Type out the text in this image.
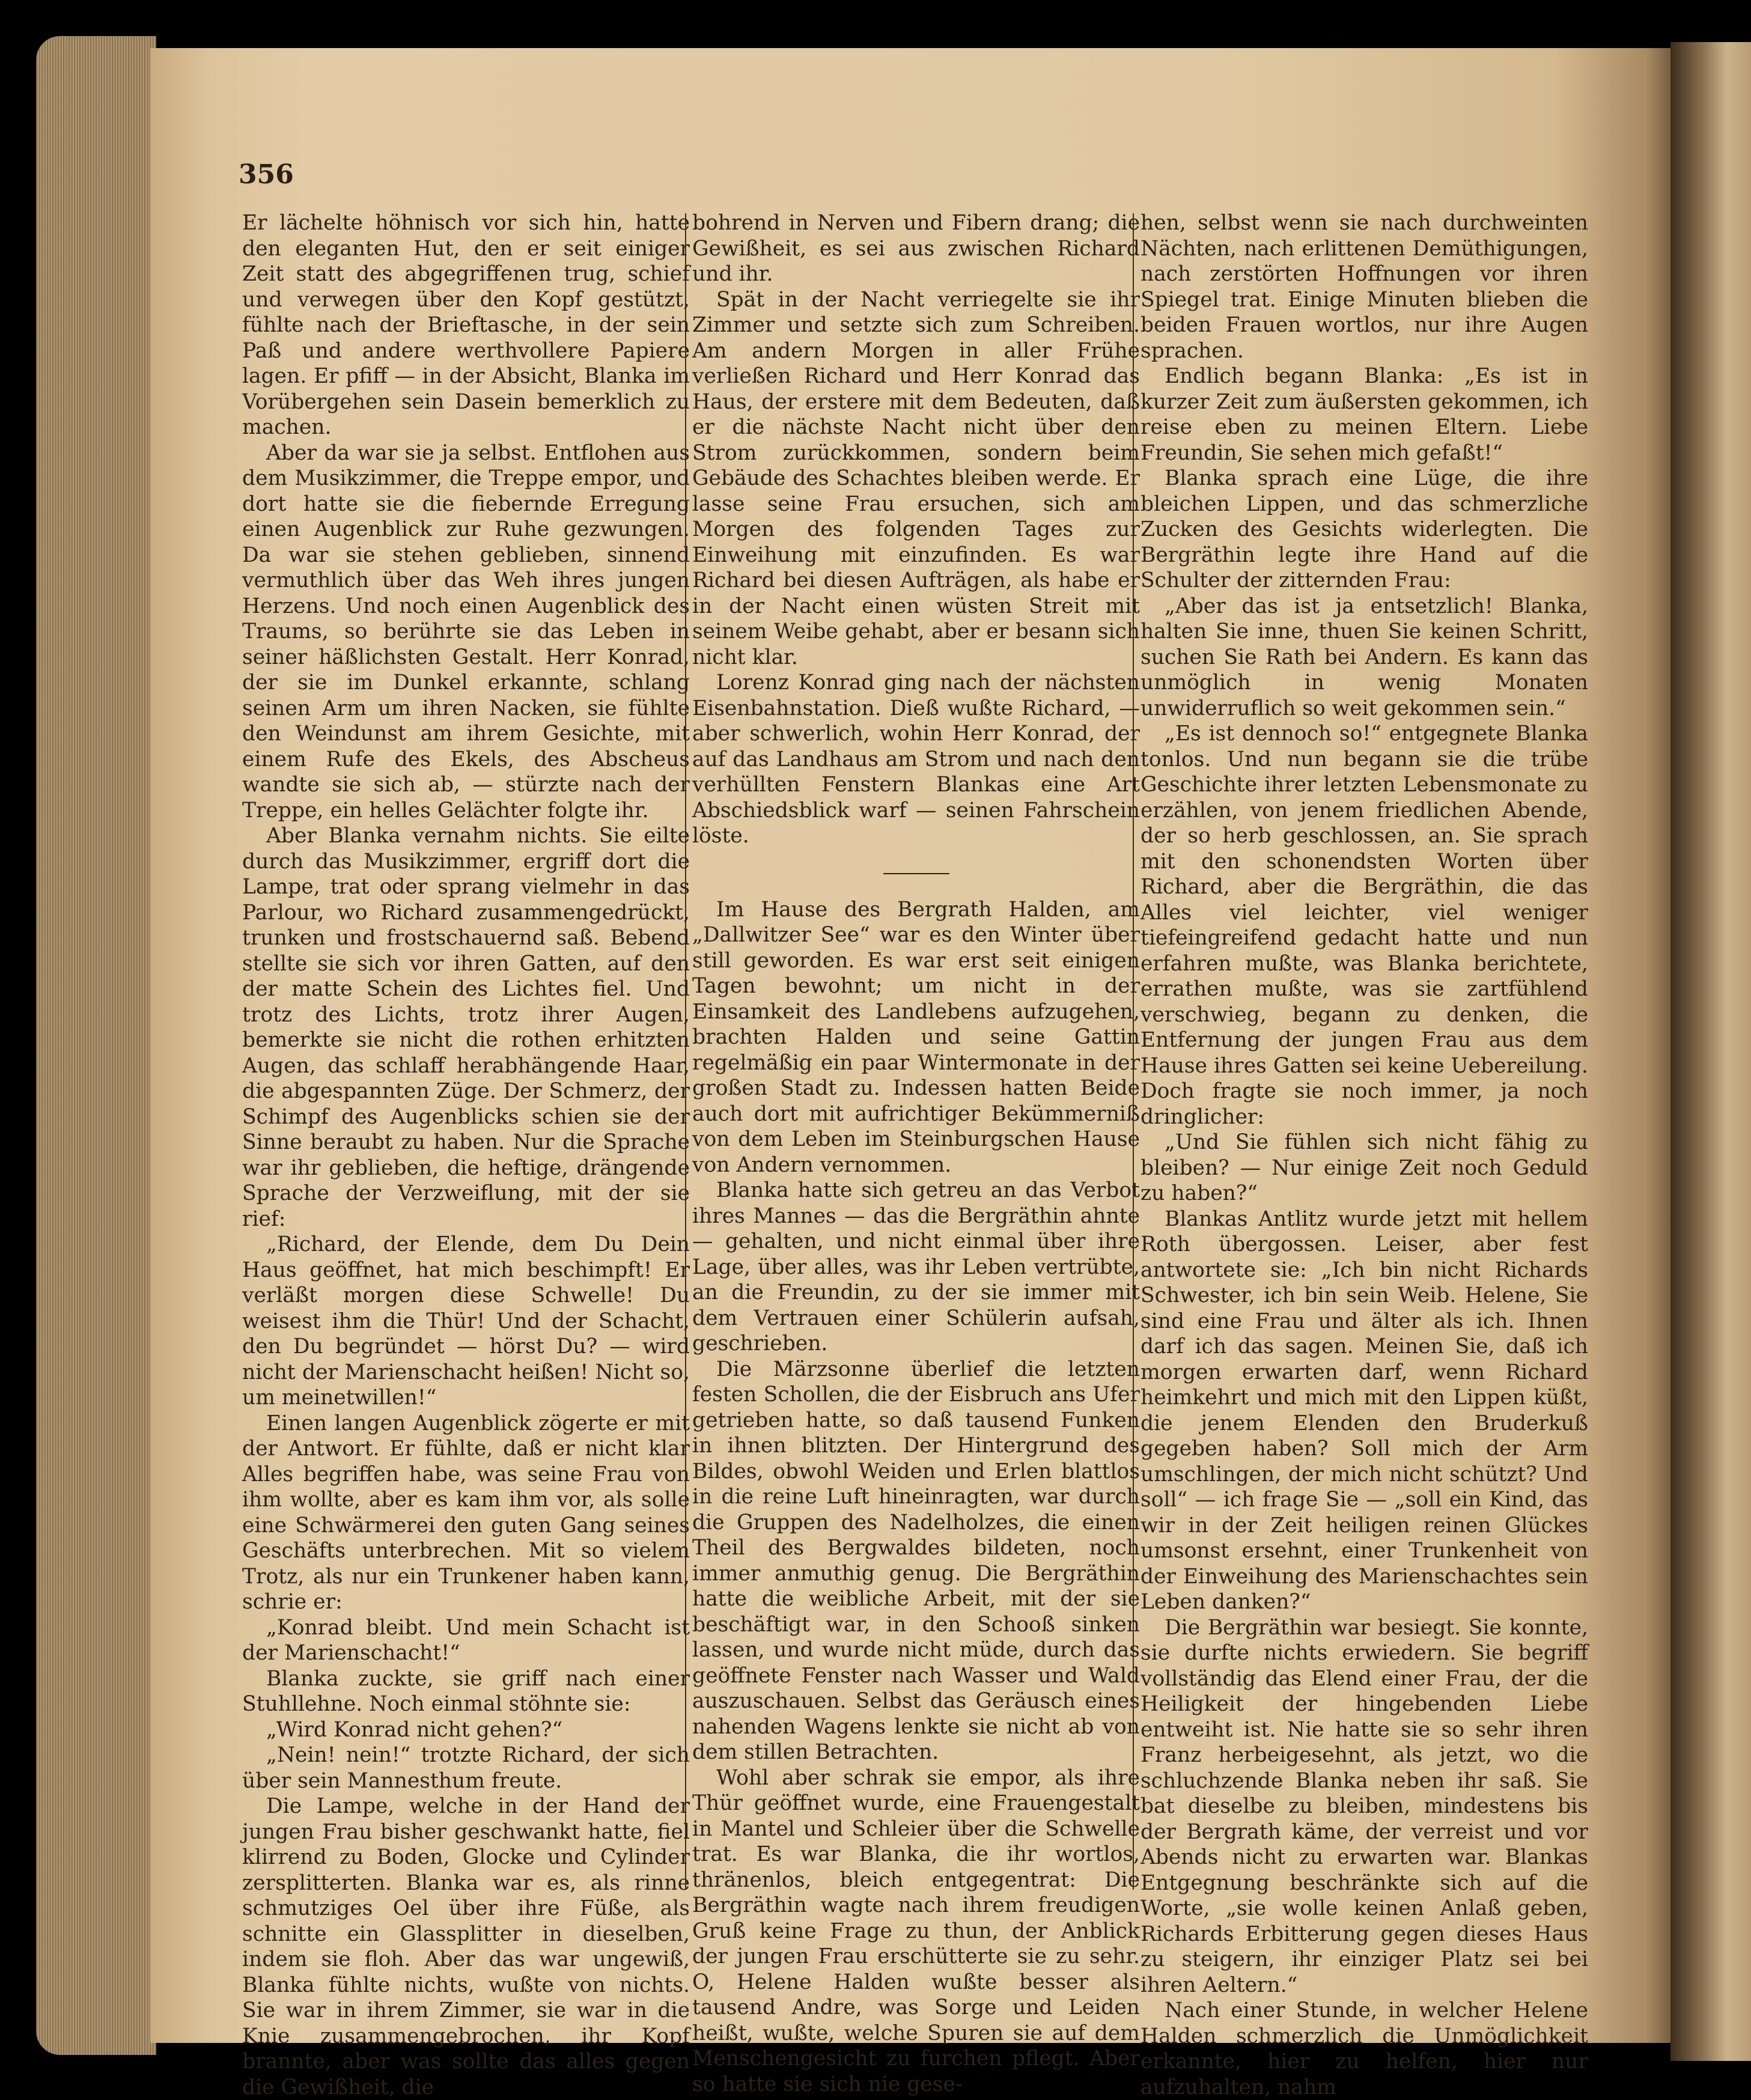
356

Er lächelte höhnisch vor sich hin, hatte den eleganten Hut, den er seit einiger Zeit statt des abgegriffenen trug, schief und verwegen über den Kopf gestützt, fühlte nach der Brieftasche, in der sein Paß und andere werthvollere Papiere lagen. Er pfiff — in der Absicht, Blanka im Vorübergehen sein Dasein bemerklich zu machen.

Aber da war sie ja selbst. Entflohen aus dem Musikzimmer, die Treppe empor, und dort hatte sie die fiebernde Erregung einen Augenblick zur Ruhe gezwungen. Da war sie stehen geblieben, sinnend vermuthlich über das Weh ihres jungen Herzens. Und noch einen Augenblick des Traums, so berührte sie das Leben in seiner häßlichsten Gestalt. Herr Konrad, der sie im Dunkel erkannte, schlang seinen Arm um ihren Nacken, sie fühlte den Weindunst am ihrem Gesichte, mit einem Rufe des Ekels, des Abscheus wandte sie sich ab, — stürzte nach der Treppe, ein helles Gelächter folgte ihr.

Aber Blanka vernahm nichts. Sie eilte durch das Musikzimmer, ergriff dort die Lampe, trat oder sprang vielmehr in das Parlour, wo Richard zusammengedrückt, trunken und frostschauernd saß. Bebend stellte sie sich vor ihren Gatten, auf den der matte Schein des Lichtes fiel. Und trotz des Lichts, trotz ihrer Augen, bemerkte sie nicht die rothen erhitzten Augen, das schlaff herabhängende Haar, die abgespannten Züge. Der Schmerz, der Schimpf des Augenblicks schien sie der Sinne beraubt zu haben. Nur die Sprache war ihr geblieben, die heftige, drängende Sprache der Verzweiflung, mit der sie rief:

„Richard, der Elende, dem Du Dein Haus geöffnet, hat mich beschimpft! Er verläßt morgen diese Schwelle! Du weisest ihm die Thür! Und der Schacht, den Du begründet — hörst Du? — wird nicht der Marienschacht heißen! Nicht so, um meinetwillen!“

Einen langen Augenblick zögerte er mit der Antwort. Er fühlte, daß er nicht klar Alles begriffen habe, was seine Frau von ihm wollte, aber es kam ihm vor, als solle eine Schwärmerei den guten Gang seines Geschäfts unterbrechen. Mit so vielem Trotz, als nur ein Trunkener haben kann, schrie er:

„Konrad bleibt. Und mein Schacht ist der Marienschacht!“

Blanka zuckte, sie griff nach einer Stuhllehne. Noch einmal stöhnte sie:

„Wird Konrad nicht gehen?“

„Nein! nein!“ trotzte Richard, der sich über sein Mannesthum freute.

Die Lampe, welche in der Hand der jungen Frau bisher geschwankt hatte, fiel klirrend zu Boden, Glocke und Cylinder zersplitterten. Blanka war es, als rinne schmutziges Oel über ihre Füße, als schnitte ein Glassplitter in dieselben, indem sie floh. Aber das war ungewiß, Blanka fühlte nichts, wußte von nichts. Sie war in ihrem Zimmer, sie war in die Knie zusammengebrochen, ihr Kopf brannte, aber was sollte das alles gegen die Gewißheit, die

bohrend in Nerven und Fibern drang; die Gewißheit, es sei aus zwischen Richard und ihr.

Spät in der Nacht verriegelte sie ihr Zimmer und setzte sich zum Schreiben. Am andern Morgen in aller Frühe verließen Richard und Herr Konrad das Haus, der erstere mit dem Bedeuten, daß er die nächste Nacht nicht über den Strom zurückkommen, sondern beim Gebäude des Schachtes bleiben werde. Er lasse seine Frau ersuchen, sich am Morgen des folgenden Tages zur Einweihung mit einzufinden. Es war Richard bei diesen Aufträgen, als habe er in der Nacht einen wüsten Streit mit seinem Weibe gehabt, aber er besann sich nicht klar.

Lorenz Konrad ging nach der nächsten Eisenbahnstation. Dieß wußte Richard, — aber schwerlich, wohin Herr Konrad, der auf das Landhaus am Strom und nach den verhüllten Fenstern Blankas eine Art Abschiedsblick warf — seinen Fahrschein löste.

Im Hause des Bergrath Halden, am „Dallwitzer See“ war es den Winter über still geworden. Es war erst seit einigen Tagen bewohnt; um nicht in der Einsamkeit des Landlebens aufzugehen, brachten Halden und seine Gattin regelmäßig ein paar Wintermonate in der großen Stadt zu. Indessen hatten Beide auch dort mit aufrichtiger Bekümmerniß von dem Leben im Steinburgschen Hause von Andern vernommen.

Blanka hatte sich getreu an das Verbot ihres Mannes — das die Bergräthin ahnte — gehalten, und nicht einmal über ihre Lage, über alles, was ihr Leben vertrübte, an die Freundin, zu der sie immer mit dem Vertrauen einer Schülerin aufsah, geschrieben.

Die Märzsonne überlief die letzten festen Schollen, die der Eisbruch ans Ufer getrieben hatte, so daß tausend Funken in ihnen blitzten. Der Hintergrund des Bildes, obwohl Weiden und Erlen blattlos in die reine Luft hineinragten, war durch die Gruppen des Nadelholzes, die einen Theil des Bergwaldes bildeten, noch immer anmuthig genug. Die Bergräthin hatte die weibliche Arbeit, mit der sie beschäftigt war, in den Schooß sinken lassen, und wurde nicht müde, durch das geöffnete Fenster nach Wasser und Wald auszuschauen. Selbst das Geräusch eines nahenden Wagens lenkte sie nicht ab von dem stillen Betrachten.

Wohl aber schrak sie empor, als ihre Thür geöffnet wurde, eine Frauengestalt in Mantel und Schleier über die Schwelle trat. Es war Blanka, die ihr wortlos, thränenlos, bleich entgegentrat: Die Bergräthin wagte nach ihrem freudigen Gruß keine Frage zu thun, der Anblick der jungen Frau erschütterte sie zu sehr. O, Helene Halden wußte besser als tausend Andre, was Sorge und Leiden heißt, wußte, welche Spuren sie auf dem Menschengesicht zu furchen pflegt. Aber so hatte sie sich nie gese-

hen, selbst wenn sie nach durchweinten Nächten, nach erlittenen Demüthigungen, nach zerstörten Hoffnungen vor ihren Spiegel trat. Einige Minuten blieben die beiden Frauen wortlos, nur ihre Augen sprachen.

Endlich begann Blanka: „Es ist in kurzer Zeit zum äußersten gekommen, ich reise eben zu meinen Eltern. Liebe Freundin, Sie sehen mich gefaßt!“

Blanka sprach eine Lüge, die ihre bleichen Lippen, und das schmerzliche Zucken des Gesichts widerlegten. Die Bergräthin legte ihre Hand auf die Schulter der zitternden Frau:

„Aber das ist ja entsetzlich! Blanka, halten Sie inne, thuen Sie keinen Schritt, suchen Sie Rath bei Andern. Es kann das unmöglich in wenig Monaten unwiderruflich so weit gekommen sein.“

„Es ist dennoch so!“ entgegnete Blanka tonlos. Und nun begann sie die trübe Geschichte ihrer letzten Lebensmonate zu erzählen, von jenem friedlichen Abende, der so herb geschlossen, an. Sie sprach mit den schonendsten Worten über Richard, aber die Bergräthin, die das Alles viel leichter, viel weniger tiefeingreifend gedacht hatte und nun erfahren mußte, was Blanka berichtete, errathen mußte, was sie zartfühlend verschwieg, begann zu denken, die Entfernung der jungen Frau aus dem Hause ihres Gatten sei keine Uebereilung. Doch fragte sie noch immer, ja noch dringlicher:

„Und Sie fühlen sich nicht fähig zu bleiben? — Nur einige Zeit noch Geduld zu haben?“

Blankas Antlitz wurde jetzt mit hellem Roth übergossen. Leiser, aber fest antwortete sie: „Ich bin nicht Richards Schwester, ich bin sein Weib. Helene, Sie sind eine Frau und älter als ich. Ihnen darf ich das sagen. Meinen Sie, daß ich morgen erwarten darf, wenn Richard heimkehrt und mich mit den Lippen küßt, die jenem Elenden den Bruderkuß gegeben haben? Soll mich der Arm umschlingen, der mich nicht schützt? Und soll“ — ich frage Sie — „soll ein Kind, das wir in der Zeit heiligen reinen Glückes umsonst ersehnt, einer Trunkenheit von der Einweihung des Marienschachtes sein Leben danken?“

Die Bergräthin war besiegt. Sie konnte, sie durfte nichts erwiedern. Sie begriff vollständig das Elend einer Frau, der die Heiligkeit der hingebenden Liebe entweiht ist. Nie hatte sie so sehr ihren Franz herbeigesehnt, als jetzt, wo die schluchzende Blanka neben ihr saß. Sie bat dieselbe zu bleiben, mindestens bis der Bergrath käme, der verreist und vor Abends nicht zu erwarten war. Blankas Entgegnung beschränkte sich auf die Worte, „sie wolle keinen Anlaß geben, Richards Erbitterung gegen dieses Haus zu steigern, ihr einziger Platz sei bei ihren Aeltern.“

Nach einer Stunde, in welcher Helene Halden schmerzlich die Unmöglichkeit erkannte, hier zu helfen, hier nur aufzuhalten, nahm
